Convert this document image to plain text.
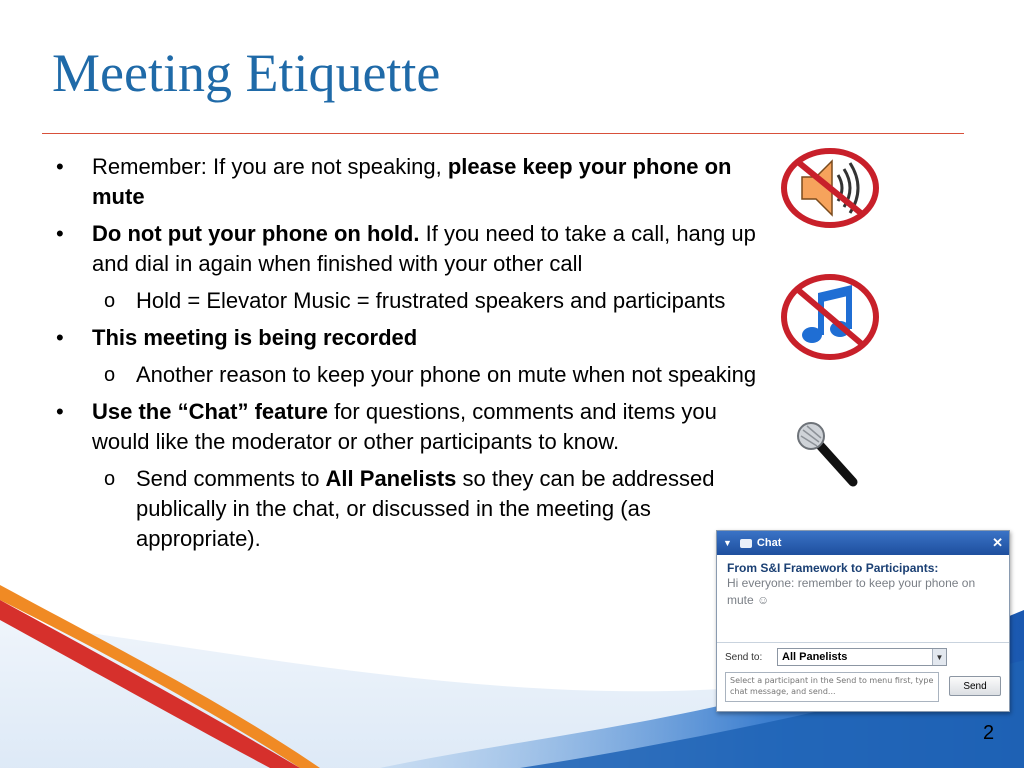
Meeting Etiquette
• Remember: If you are not speaking, please keep your phone on mute
• Do not put your phone on hold. If you need to take a call, hang up and dial in again when finished with your other call
o Hold = Elevator Music = frustrated speakers and participants
• This meeting is being recorded
o Another reason to keep your phone on mute when not speaking
• Use the “Chat” feature for questions, comments and items you would like the moderator or other participants to know.
o Send comments to All Panelists so they can be addressed publically in the chat, or discussed in the meeting (as appropriate).	▼ Chat	✕
From S&I Framework to Participants:
Hi everyone: remember to keep your phone on mute ☺
Send to:	All Panelists	▼
Select a participant in the Send to menu first, type chat message, and send...
Send
2
